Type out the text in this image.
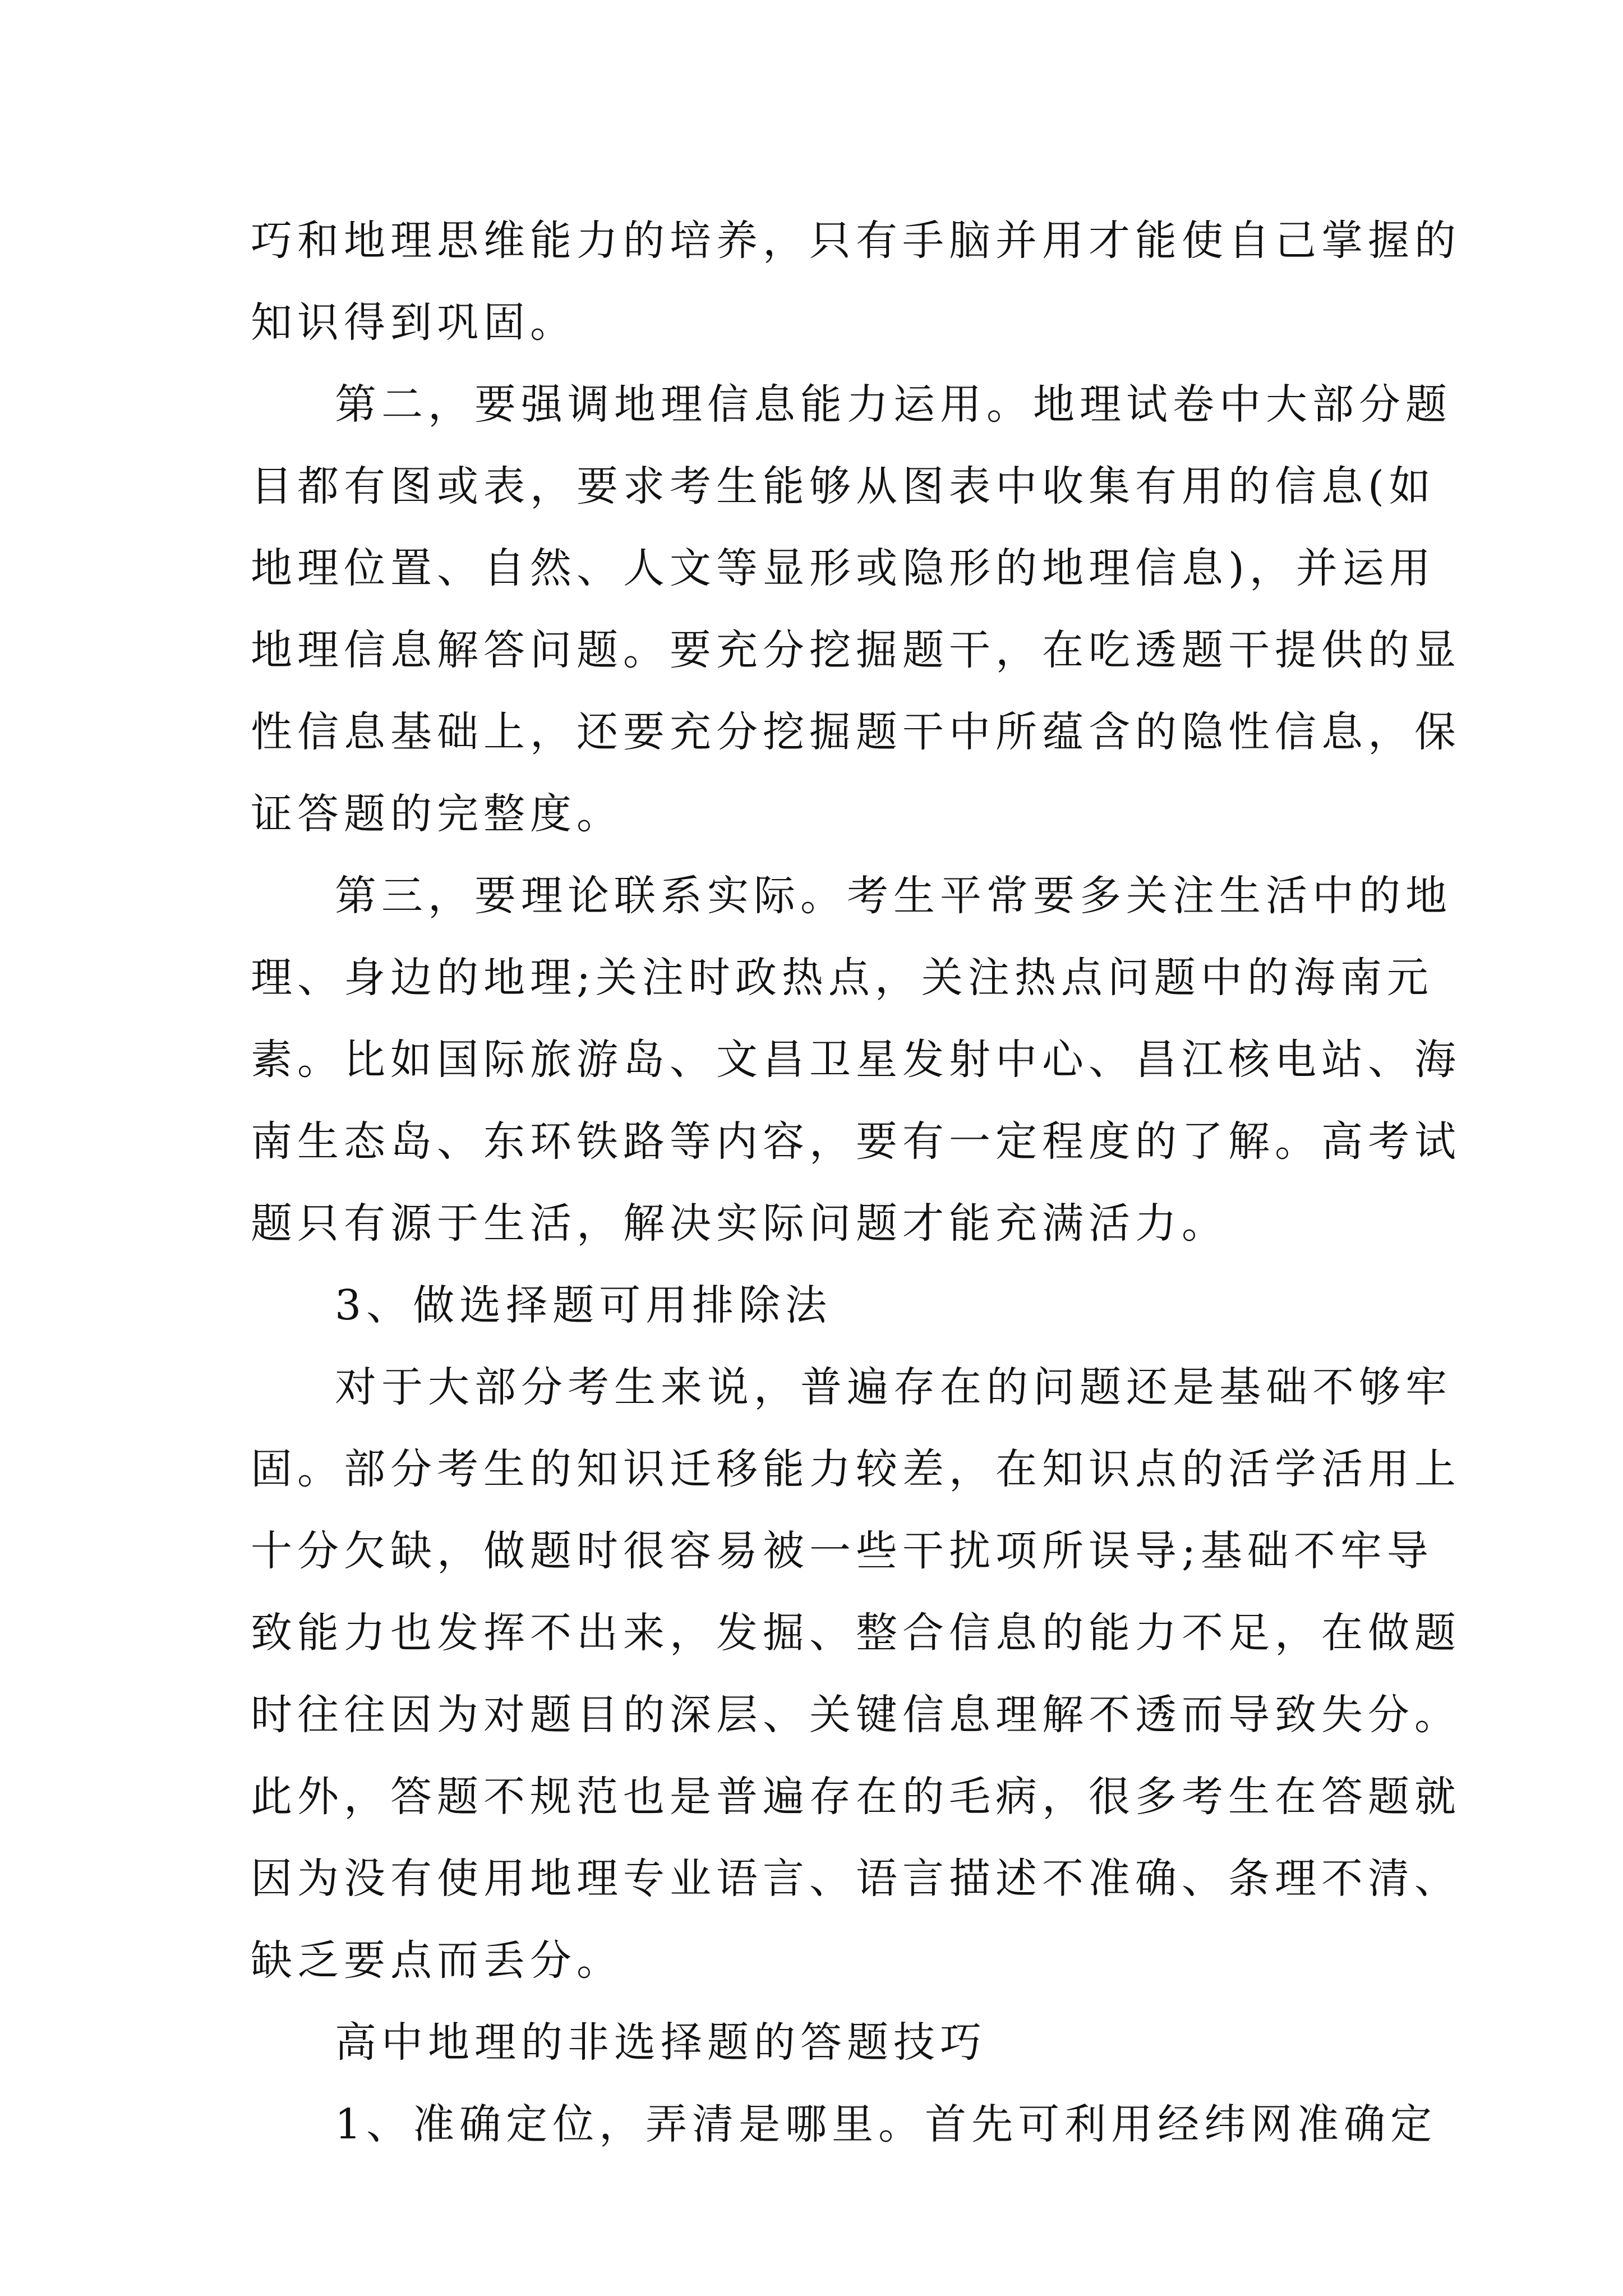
巧和地理思维能力的培养，只有手脑并用才能使自己掌握的
知识得到巩固。
第二，要强调地理信息能力运用。地理试卷中大部分题
目都有图或表，要求考生能够从图表中收集有用的信息(如
地理位置、自然、人文等显形或隐形的地理信息)，并运用
地理信息解答问题。要充分挖掘题干，在吃透题干提供的显
性信息基础上，还要充分挖掘题干中所蕴含的隐性信息，保
证答题的完整度。
第三，要理论联系实际。考生平常要多关注生活中的地
理、身边的地理;关注时政热点，关注热点问题中的海南元
素。比如国际旅游岛、文昌卫星发射中心、昌江核电站、海
南生态岛、东环铁路等内容，要有一定程度的了解。高考试
题只有源于生活，解决实际问题才能充满活力。
3、做选择题可用排除法
对于大部分考生来说，普遍存在的问题还是基础不够牢
固。部分考生的知识迁移能力较差，在知识点的活学活用上
十分欠缺，做题时很容易被一些干扰项所误导;基础不牢导
致能力也发挥不出来，发掘、整合信息的能力不足，在做题
时往往因为对题目的深层、关键信息理解不透而导致失分。
此外，答题不规范也是普遍存在的毛病，很多考生在答题就
因为没有使用地理专业语言、语言描述不准确、条理不清、
缺乏要点而丢分。
高中地理的非选择题的答题技巧
1、准确定位，弄清是哪里。首先可利用经纬网准确定
